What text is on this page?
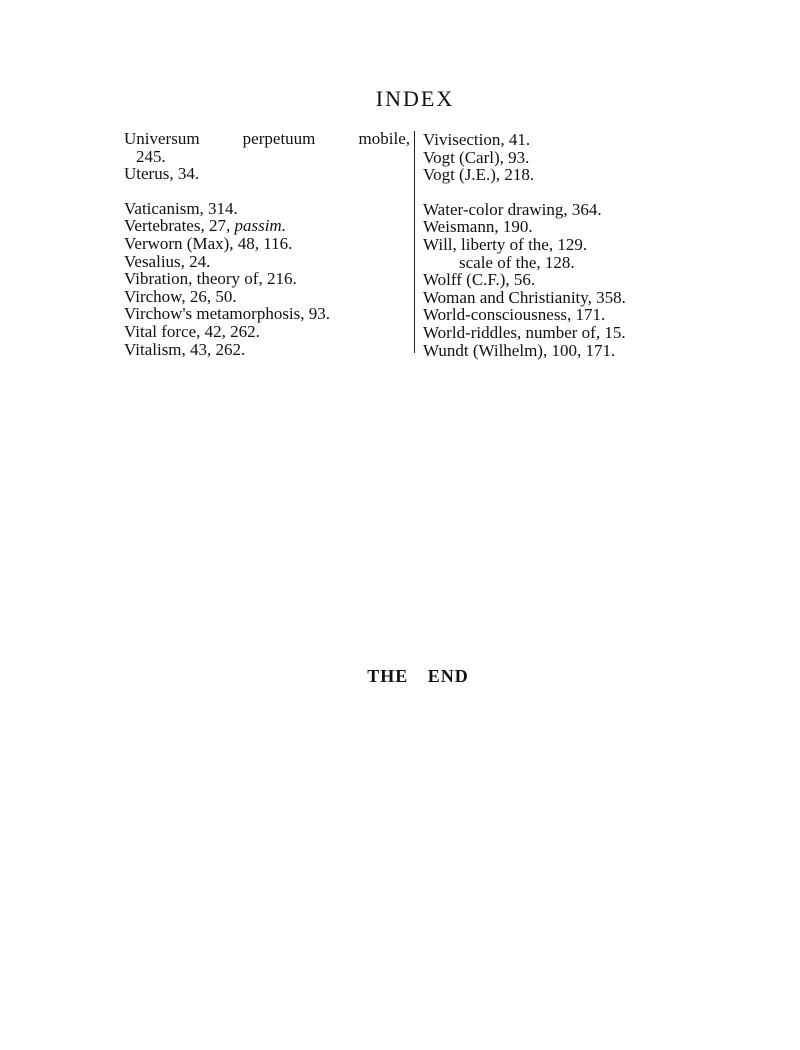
INDEX
Universum perpetuum mobile,
245.
Uterus, 34.
Vaticanism, 314.
Vertebrates, 27, passim.
Verworn (Max), 48, 116.
Vesalius, 24.
Vibration, theory of, 216.
Virchow, 26, 50.
Virchow's metamorphosis, 93.
Vital force, 42, 262.
Vitalism, 43, 262.
Vivisection, 41.
Vogt (Carl), 93.
Vogt (J.E.), 218.
Water-color drawing, 364.
Weismann, 190.
Will, liberty of the, 129.
scale of the, 128.
Wolff (C.F.), 56.
Woman and Christianity, 358.
World-consciousness, 171.
World-riddles, number of, 15.
Wundt (Wilhelm), 100, 171.
THE END
